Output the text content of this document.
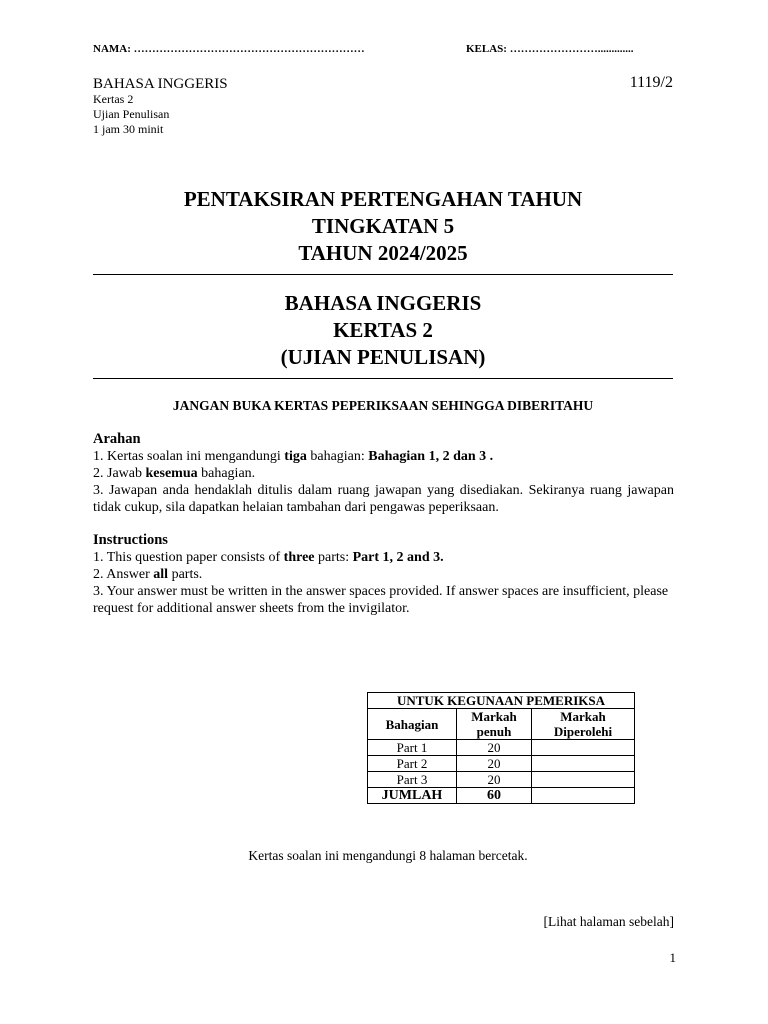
NAMA: ………………………………………………………	KELAS: …………………….............
BAHASA INGGERIS	1119/2
Kertas 2
Ujian Penulisan
1 jam 30 minit
PENTAKSIRAN PERTENGAHAN TAHUN
TINGKATAN 5
TAHUN 2024/2025
BAHASA INGGERIS
KERTAS 2
(UJIAN PENULISAN)
JANGAN BUKA KERTAS PEPERIKSAAN SEHINGGA DIBERITAHU

Arahan

1. Kertas soalan ini mengandungi tiga bahagian: Bahagian 1, 2 dan 3 .

2. Jawab kesemua bahagian.

3. Jawapan anda hendaklah ditulis dalam ruang jawapan yang disediakan. Sekiranya ruang jawapan tidak cukup, sila dapatkan helaian tambahan dari pengawas peperiksaan.

Instructions

1. This question paper consists of three parts: Part 1, 2 and 3.

2. Answer all parts.

3. Your answer must be written in the answer spaces provided. If answer spaces are insufficient, please request for additional answer sheets from the invigilator.

UNTUK KEGUNAAN PEMERIKSA		
Bahagian	Markah penuh	Markah Diperolehi
Part 1	20	
Part 2	20	
Part 3	20	
JUMLAH	60	
Kertas soalan ini mengandungi 8 halaman bercetak.
[Lihat halaman sebelah]
1
